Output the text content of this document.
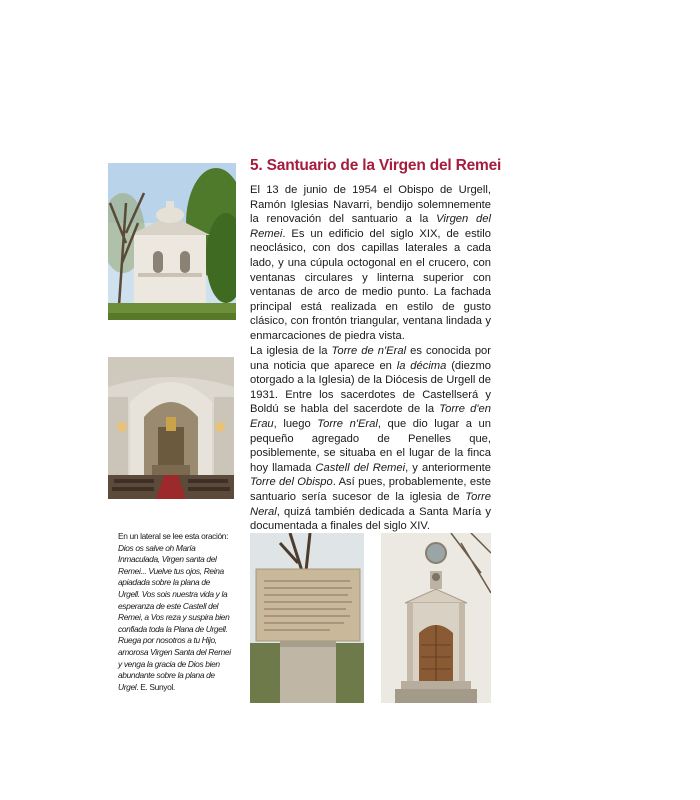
5. Santuario de la Virgen del Remei

El 13 de junio de 1954 el Obispo de Urgell, Ramón Iglesias Navarri, bendijo solemnemente la renovación del santuario a la Virgen del Remei. Es un edificio del siglo XIX, de estilo neoclásico, con dos capillas laterales a cada lado, y una cúpula octogonal en el crucero, con ventanas circulares y linterna superior con ventanas de arco de medio punto. La fachada principal está realizada en estilo de gusto clásico, con frontón triangular, ventana lindada y enmarcaciones de piedra vista.

La iglesia de la Torre de n'Eral es conocida por una noticia que aparece en la décima (diezmo otorgado a la Iglesia) de la Diócesis de Urgell de 1931. Entre los sacerdotes de Castellserá y Boldú se habla del sacerdote de la Torre d'en Erau, luego Torre n'Eral, que dio lugar a un pequeño agregado de Penelles que, posiblemente, se situaba en el lugar de la finca hoy llamada Castell del Remei, y anteriormente Torre del Obispo. Así pues, probablemente, este santuario sería sucesor de la iglesia de Torre Neral, quizá también dedicada a Santa María y documentada a finales del siglo XIV.

En un lateral se lee esta oración: Dios os salve oh María Inmaculada, Virgen santa del Remei... Vuelve tus ojos, Reina apiadada sobre la plana de Urgell. Vos sois nuestra vida y la esperanza de este Castell del Remei, a Vos reza y suspira bien confiada toda la Plana de Urgell. Ruega por nosotros a tu Hijo, amorosa Virgen Santa del Remei y venga la gracia de Dios bien abundante sobre la plana de Urgel. E. Sunyol.
